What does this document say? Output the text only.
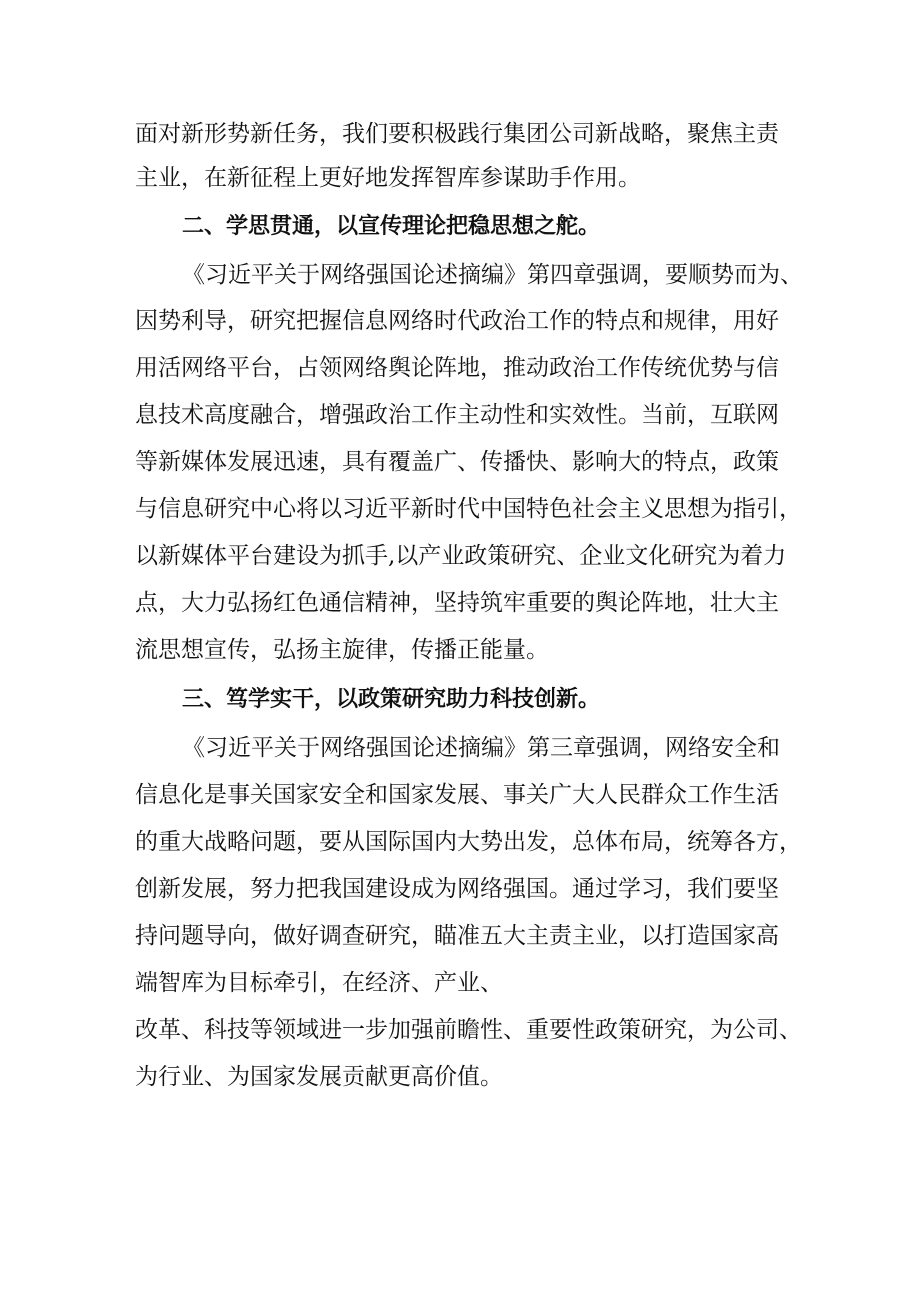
面对新形势新任务，我们要积极践行集团公司新战略，聚焦主责

主业，在新征程上更好地发挥智库参谋助手作用。

二、学思贯通，以宣传理论把稳思想之舵。

《习近平关于网络强国论述摘编》第四章强调，要顺势而为、

因势利导，研究把握信息网络时代政治工作的特点和规律，用好

用活网络平台，占领网络舆论阵地，推动政治工作传统优势与信

息技术高度融合，增强政治工作主动性和实效性。当前，互联网

等新媒体发展迅速，具有覆盖广、传播快、影响大的特点，政策

与信息研究中心将以习近平新时代中国特色社会主义思想为指引，

以新媒体平台建设为抓手,以产业政策研究、企业文化研究为着力

点，大力弘扬红色通信精神，坚持筑牢重要的舆论阵地，壮大主

流思想宣传，弘扬主旋律，传播正能量。

三、笃学实干，以政策研究助力科技创新。

《习近平关于网络强国论述摘编》第三章强调，网络安全和

信息化是事关国家安全和国家发展、事关广大人民群众工作生活

的重大战略问题，要从国际国内大势出发，总体布局，统筹各方，

创新发展，努力把我国建设成为网络强国。通过学习，我们要坚

持问题导向，做好调查研究，瞄准五大主责主业，以打造国家高

端智库为目标牵引，在经济、产业、

改革、科技等领域进一步加强前瞻性、重要性政策研究，为公司、

为行业、为国家发展贡献更高价值。
